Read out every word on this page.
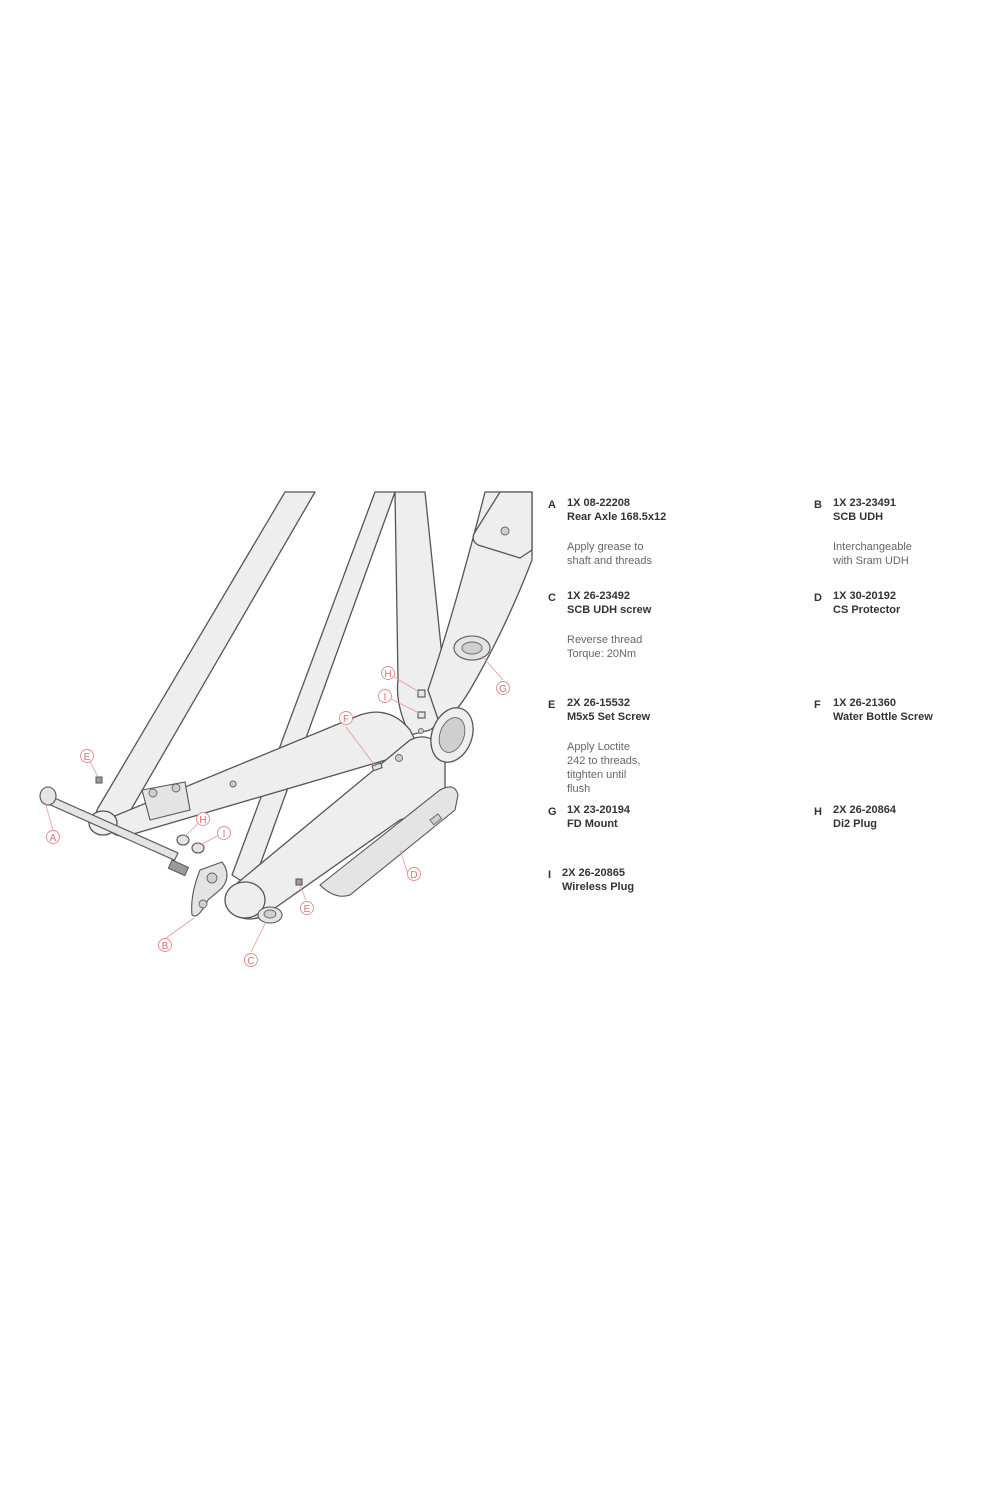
A
B
C
D
E
E
F
G
H
H
I
I
A 1X 08-22208
Rear Axle 168.5x12
Apply grease to shaft and threads
B 1X 23-23491
SCB UDH
Interchangeable with Sram UDH
C 1X 26-23492
SCB UDH screw
Reverse thread
Torque: 20Nm
D 1X 30-20192
CS Protector
E 2X 26-15532
M5x5 Set Screw
Apply Loctite 242 to threads, titghten until
flush
F 1X 26-21360
Water Bottle Screw
G 1X 23-20194
FD Mount
H 2X 26-20864
Di2 Plug
I 2X 26-20865
Wireless Plug
